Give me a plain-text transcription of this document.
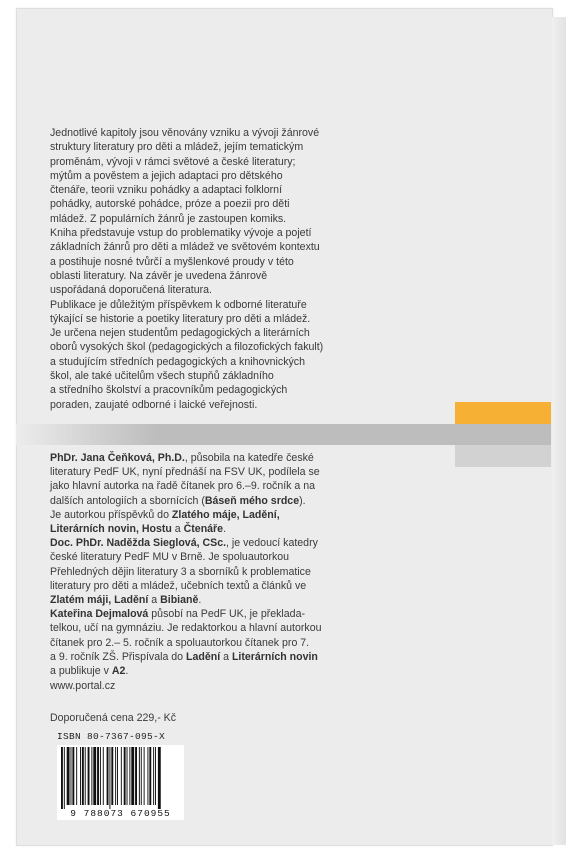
Jednotlivé kapitoly jsou věnovány vzniku a vývoji žánrové

struktury literatury pro děti a mládež, jejím tematickým

proměnám, vývoji v rámci světové a české literatury;

mýtům a pověstem a jejich adaptaci pro dětského

čtenáře, teorii vzniku pohádky a adaptaci folklorní

pohádky, autorské pohádce, próze a poezii pro děti

mládež. Z populárních žánrů je zastoupen komiks.

Kniha představuje vstup do problematiky vývoje a pojetí

základních žánrů pro děti a mládež ve světovém kontextu

a postihuje nosné tvůrčí a myšlenkové proudy v této

oblasti literatury. Na závěr je uvedena žánrově

uspořádaná doporučená literatura.

Publikace je důležitým příspěvkem k odborné literatuře

týkající se historie a poetiky literatury pro děti a mládež.

Je určena nejen studentům pedagogických a literárních

oborů vysokých škol (pedagogických a filozofických fakult)

a studujícím středních pedagogických a knihovnických

škol, ale také učitelům všech stupňů základního

a středního školství a pracovníkům pedagogických

poraden, zaujaté odborné i laické veřejnosti.

PhDr. Jana Čeňková, Ph.D., působila na katedře české
literatury PedF UK, nyní přednáší na FSV UK, podílela se
jako hlavní autorka na řadě čítanek pro 6.–9. ročník a na
dalších antologiích a sbornících (Báseň mého srdce).
Je autorkou příspěvků do Zlatého máje, Ladění,
Literárních novin, Hostu a Čtenáře.

Doc. PhDr. Naděžda Sieglová, CSc., je vedoucí katedry
české literatury PedF MU v Brně. Je spoluautorkou
Přehledných dějin literatury 3 a sborníků k problematice
literatury pro děti a mládež, učebních textů a článků ve
Zlatém máji, Ladění a Bibianě.

Kateřina Dejmalová působí na PedF UK, je překlada-
telkou, učí na gymnáziu. Je redaktorkou a hlavní autorkou
čítanek pro 2.– 5. ročník a spoluautorkou čítanek pro 7.
a 9. ročník ZŠ. Přispívala do Ladění a Literárních novin
a publikuje v A2.

www.portal.cz
Doporučená cena 229,- Kč
ISBN 80-7367-095-X
9 788073 670955
